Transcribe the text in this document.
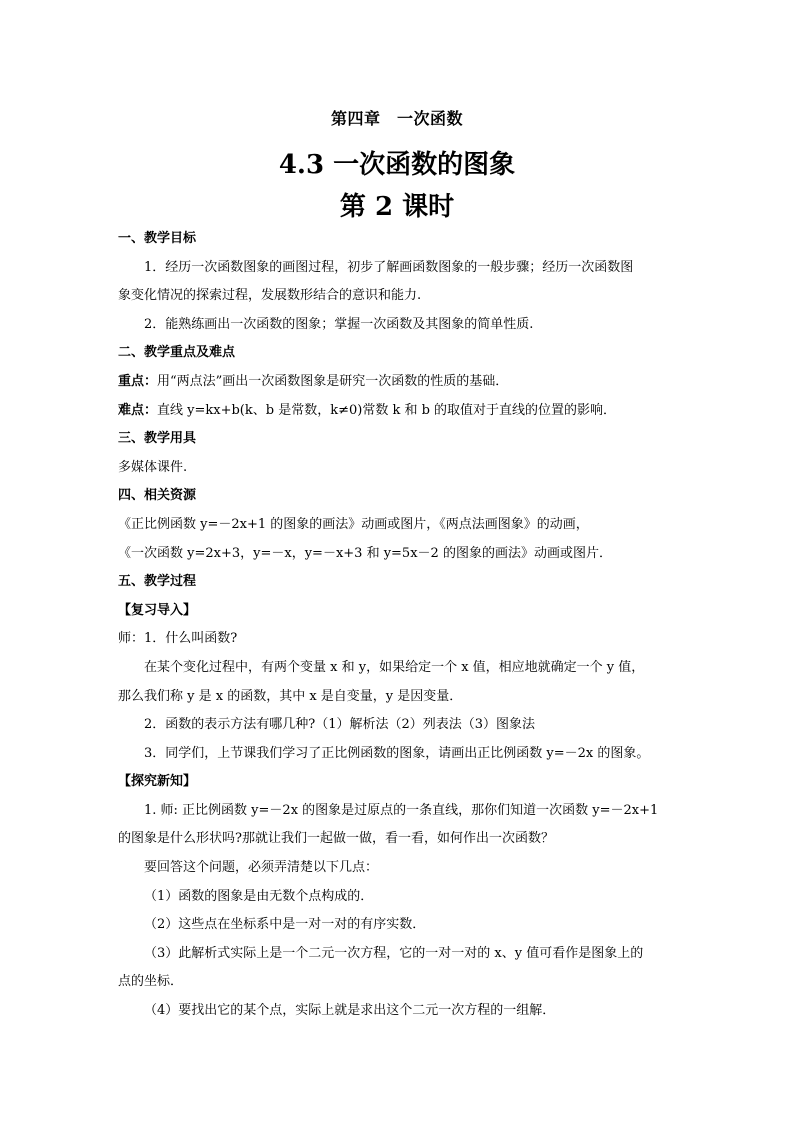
第四章　一次函数
4.3 一次函数的图象
第 2 课时

一、教学目标

1．经历一次函数图象的画图过程，初步了解画函数图象的一般步骤；经历一次函数图

象变化情况的探索过程，发展数形结合的意识和能力.

2．能熟练画出一次函数的图象；掌握一次函数及其图象的简单性质.

二、教学重点及难点

重点：用“两点法”画出一次函数图象是研究一次函数的性质的基础．

难点：直线 y=kx+b(k、b 是常数，k≠0)常数 k 和 b 的取值对于直线的位置的影响．

三、教学用具

多媒体课件.

四、相关资源

《正比例函数 y=－2x+1 的图象的画法》动画或图片，《两点法画图象》的动画，

《一次函数 y=2x+3，y=－x，y=－x+3 和 y=5x－2 的图象的画法》动画或图片．

五、教学过程

【复习导入】

师：1．什么叫函数?

在某个变化过程中，有两个变量 x 和 y，如果给定一个 x 值，相应地就确定一个 y 值，

那么我们称 y 是 x 的函数，其中 x 是自变量，y 是因变量．

2．函数的表示方法有哪几种?（1）解析法（2）列表法（3）图象法

3．同学们，上节课我们学习了正比例函数的图象，请画出正比例函数 y=－2x 的图象。

【探究新知】

1. 师: 正比例函数 y=－2x 的图象是过原点的一条直线，那你们知道一次函数 y=－2x+1

的图象是什么形状吗?那就让我们一起做一做，看一看，如何作出一次函数？

要回答这个问题，必须弄清楚以下几点：

（1）函数的图象是由无数个点构成的．

（2）这些点在坐标系中是一对一对的有序实数．

（3）此解析式实际上是一个二元一次方程，它的一对一对的 x、y 值可看作是图象上的

点的坐标．

（4）要找出它的某个点，实际上就是求出这个二元一次方程的一组解．
